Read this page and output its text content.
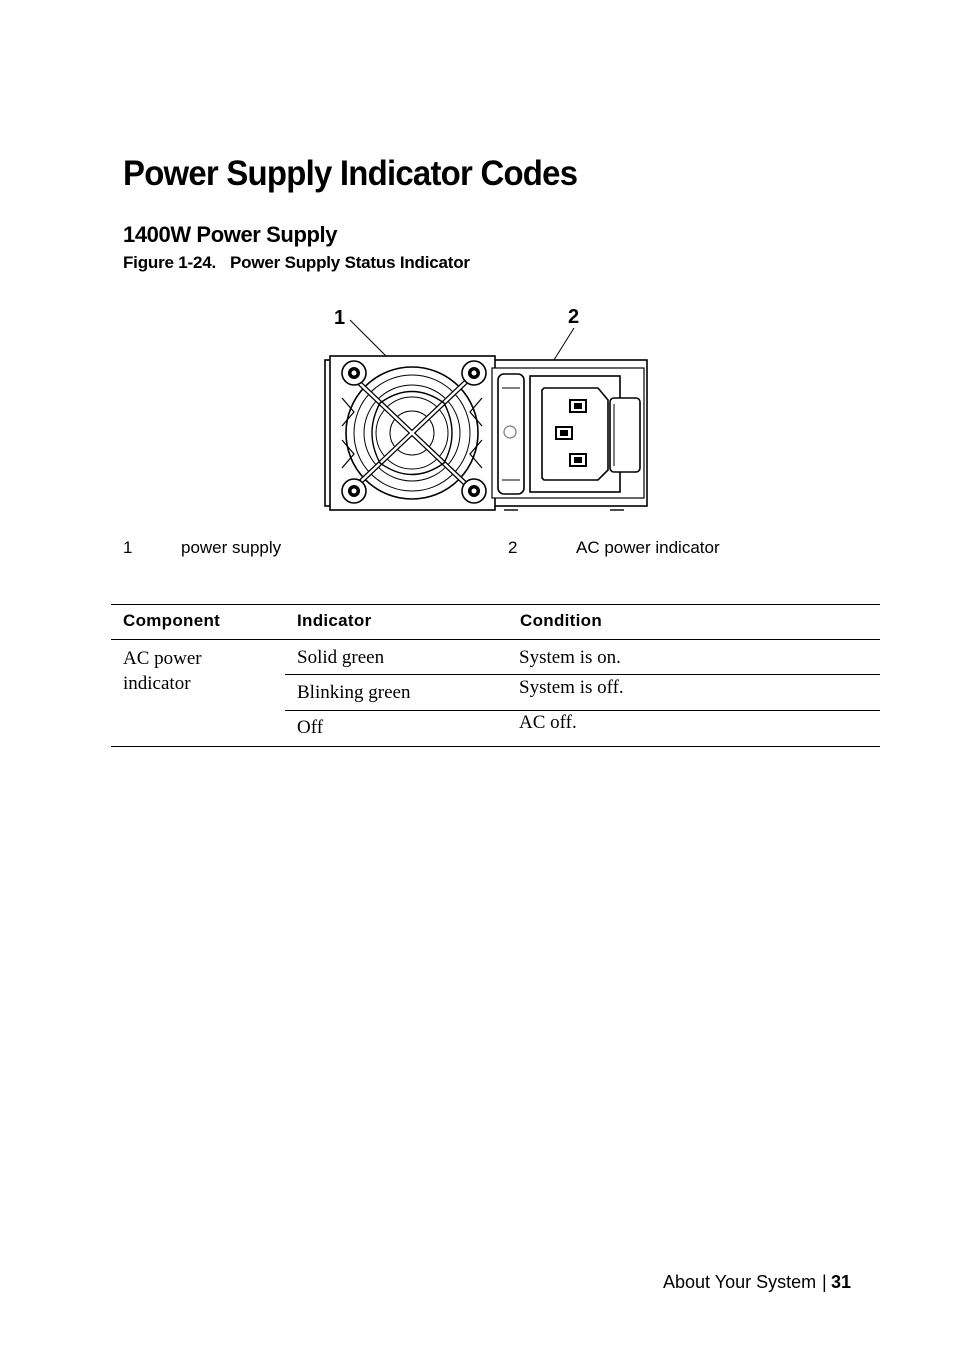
Power Supply Indicator Codes
1400W Power Supply
Figure 1-24. Power Supply Status Indicator
1	2
1	power supply	2	AC power indicator
Component	Indicator	Condition
AC power
indicator
Solid green	System is on.
Blinking green	System is off.
Off	AC off.
About Your System | 31
